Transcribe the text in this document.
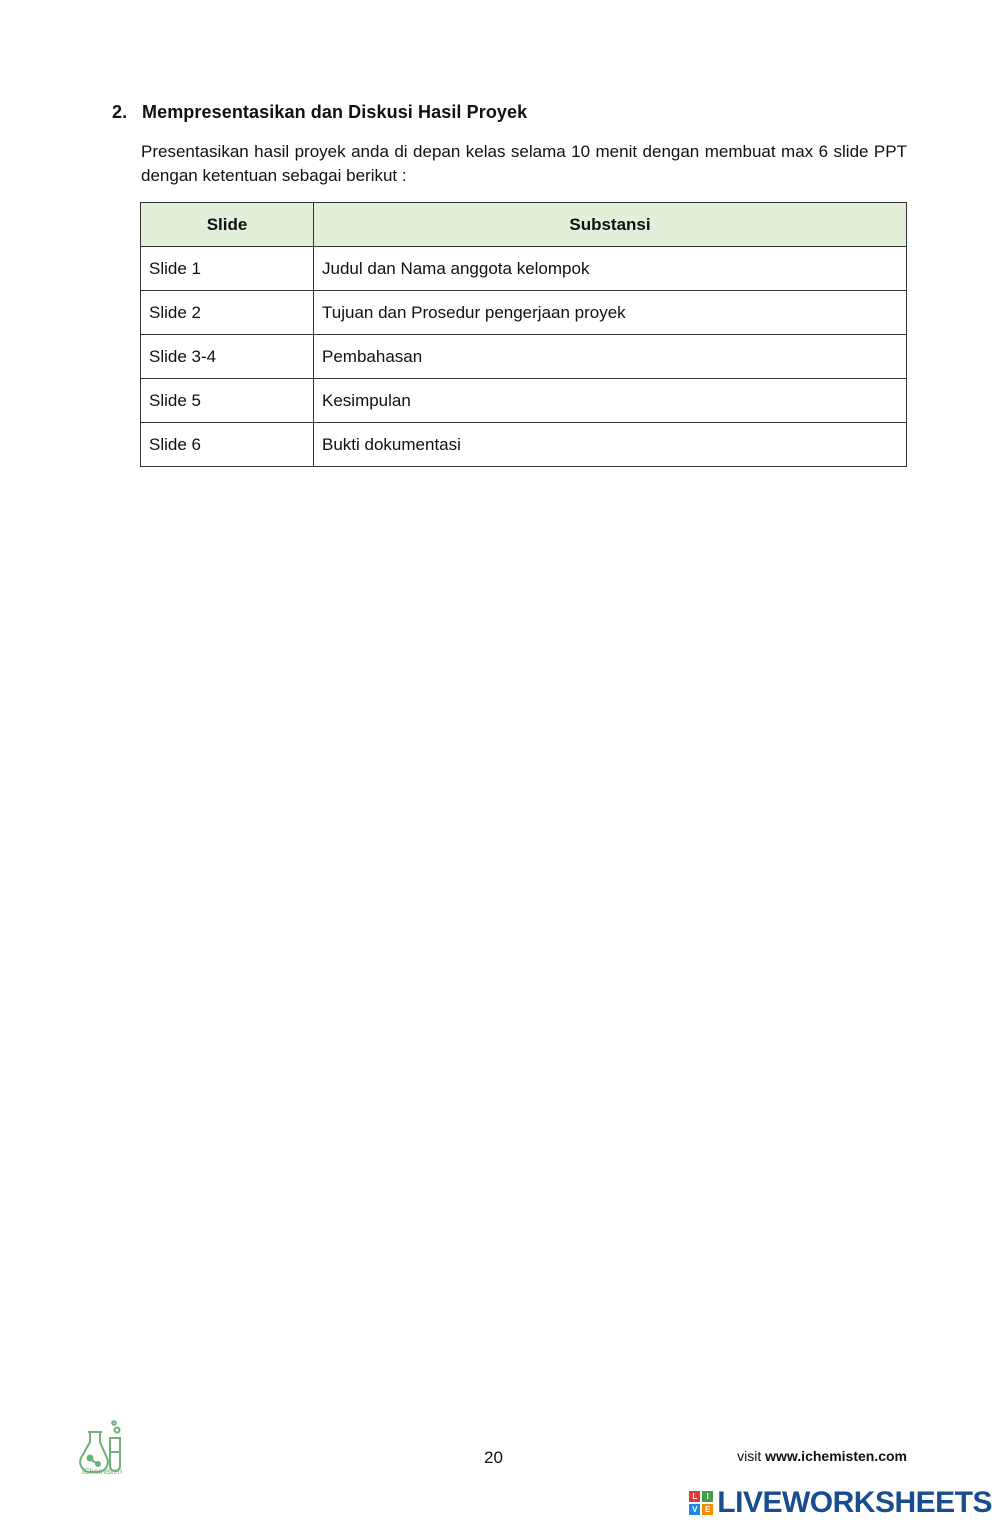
2. Mempresentasikan dan Diskusi Hasil Proyek
Presentasikan hasil proyek anda di depan kelas selama 10 menit dengan membuat max 6 slide PPT dengan ketentuan sebagai berikut :
Slide	Substansi
Slide 1	Judul dan Nama anggota kelompok
Slide 2	Tujuan dan Prosedur pengerjaan proyek
Slide 3-4	Pembahasan
Slide 5	Kesimpulan
Slide 6	Bukti dokumentasi
iChemisten
20	visit www.ichemisten.com
L	I
V E LIVEWORKSHEETS
